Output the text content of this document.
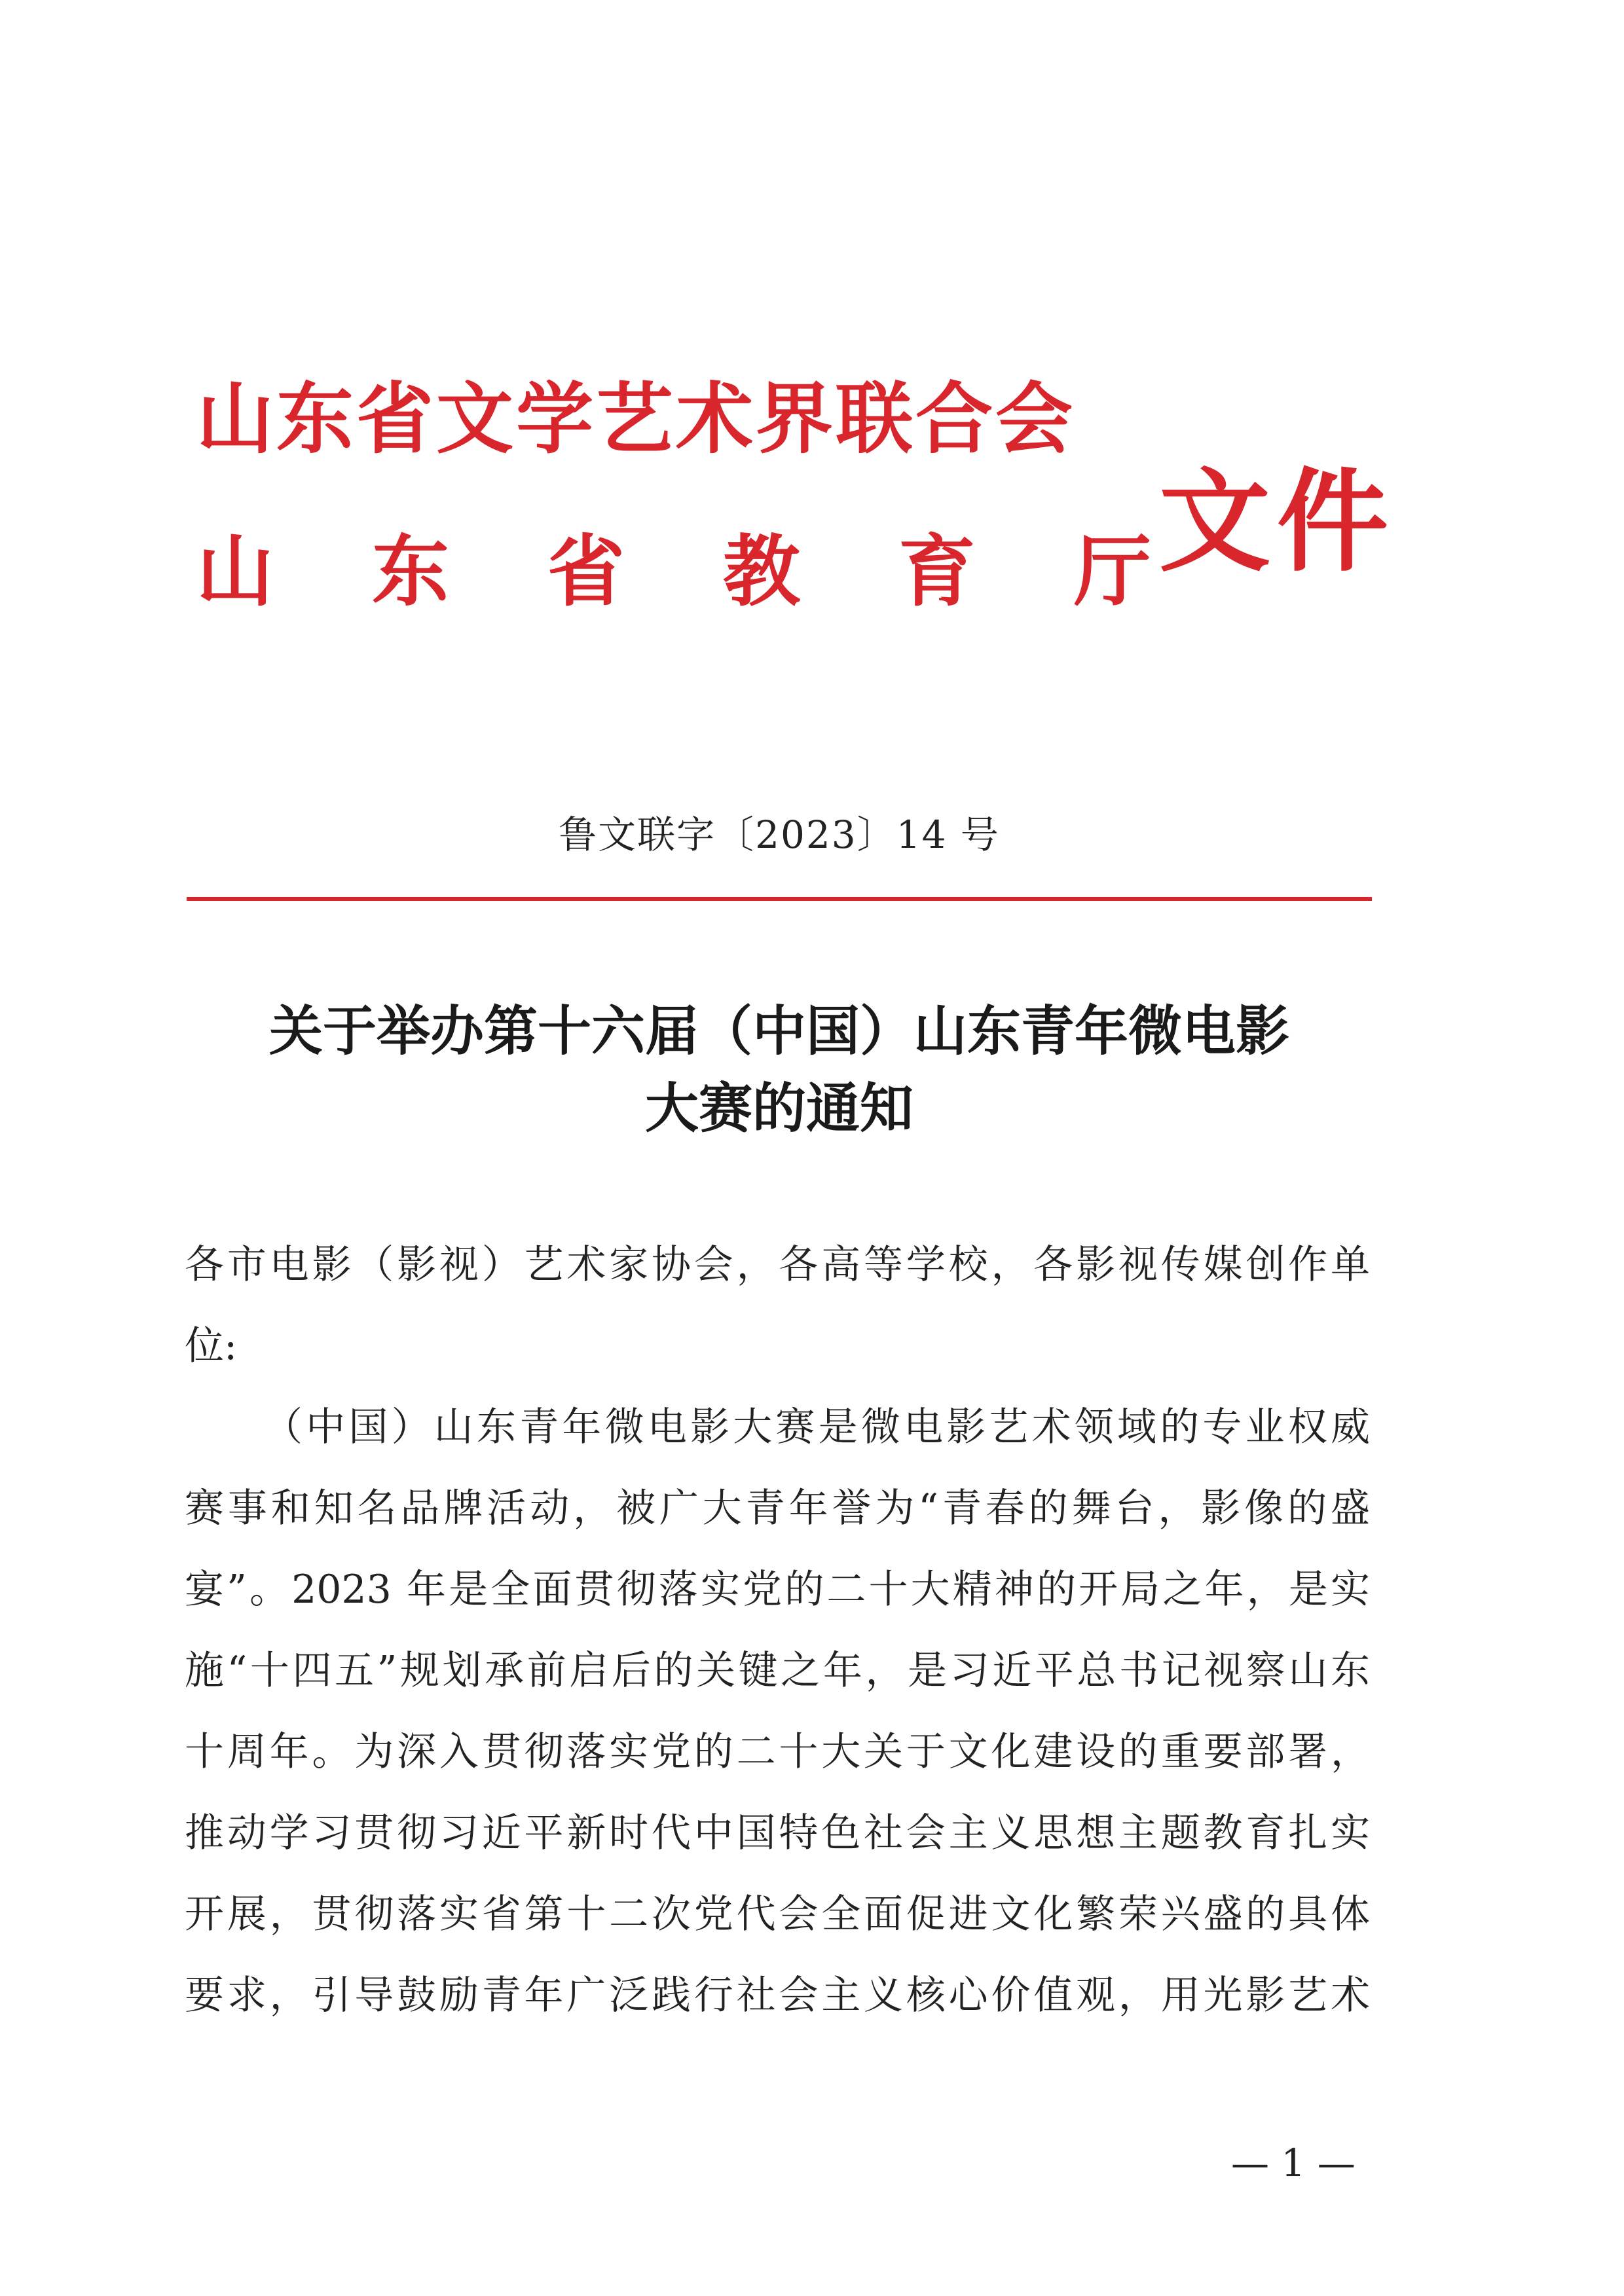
山东省文学艺术界联合会
山东省教育厅
文件
鲁文联字〔2023〕14 号
关于举办第十六届（中国）山东青年微电影
大赛的通知
各市电影（影视）艺术家协会，各高等学校，各影视传媒创作单
位:
（中国）山东青年微电影大赛是微电影艺术领域的专业权威
赛事和知名品牌活动，被广大青年誉为“青春的舞台，影像的盛
宴”。2023 年是全面贯彻落实党的二十大精神的开局之年，是实
施“十四五”规划承前启后的关键之年，是习近平总书记视察山东
十周年。为深入贯彻落实党的二十大关于文化建设的重要部署，
推动学习贯彻习近平新时代中国特色社会主义思想主题教育扎实
开展，贯彻落实省第十二次党代会全面促进文化繁荣兴盛的具体
要求，引导鼓励青年广泛践行社会主义核心价值观，用光影艺术
— 1 —
